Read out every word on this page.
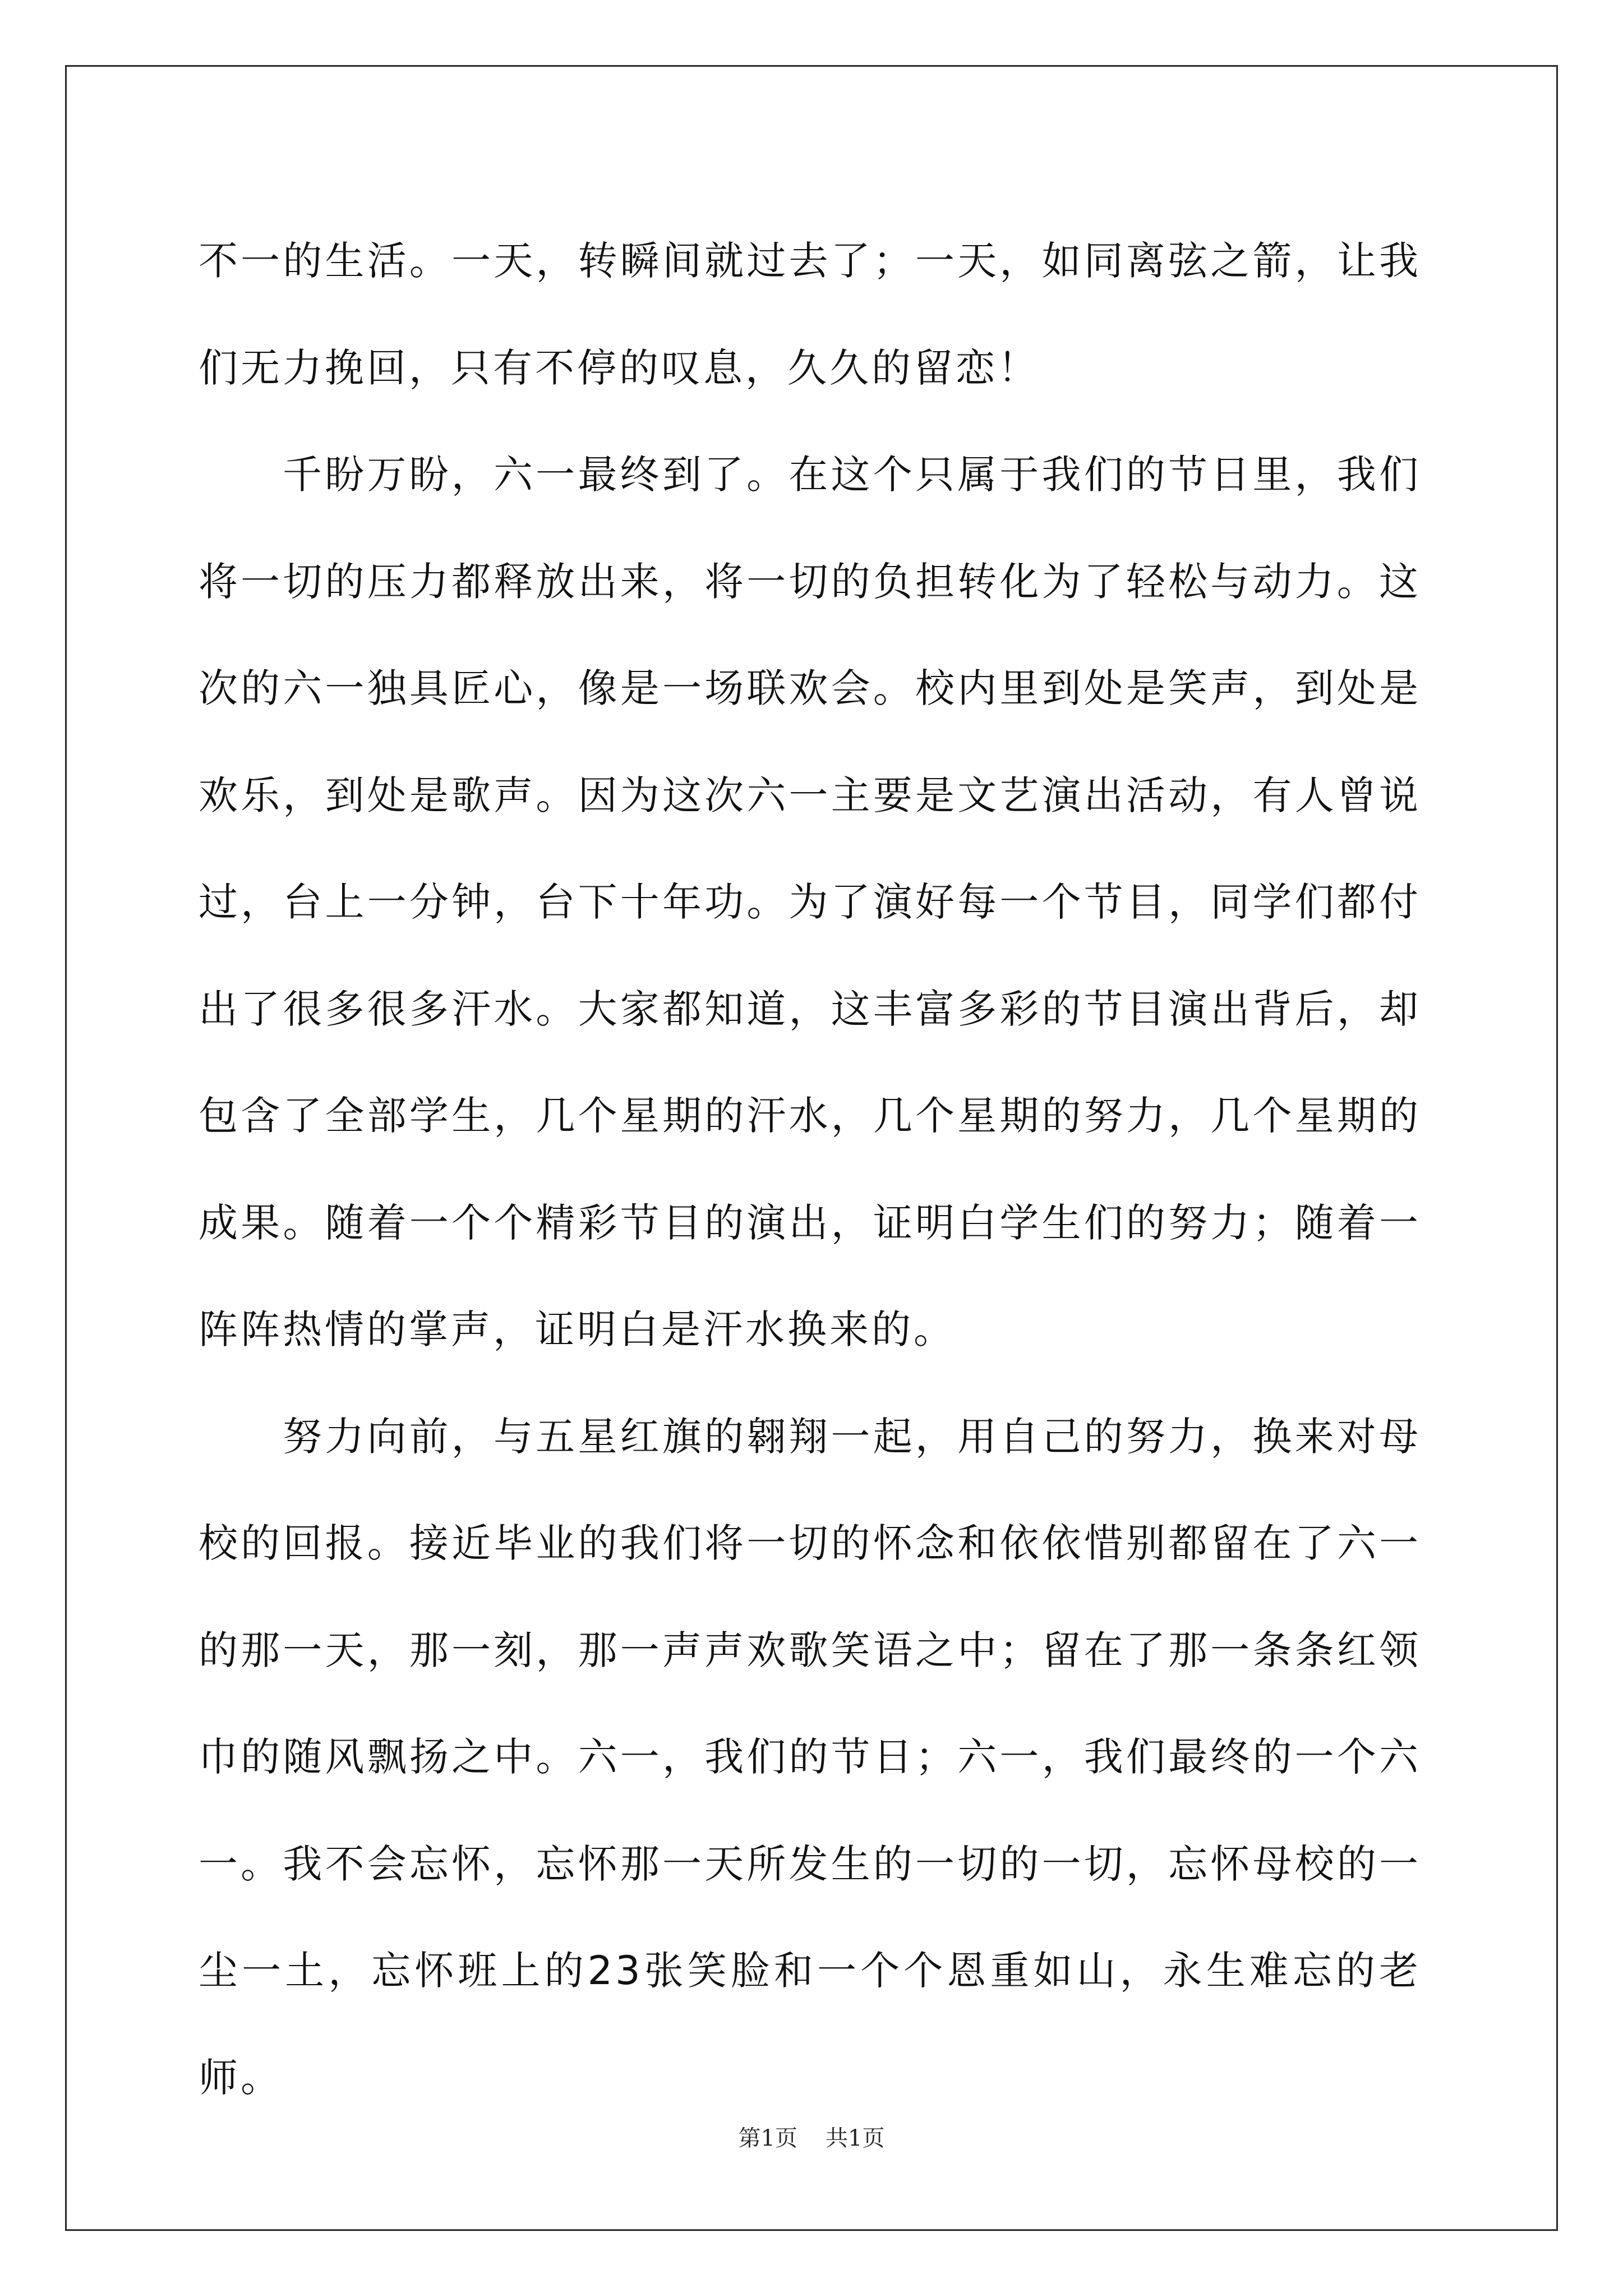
不一的生活。一天，转瞬间就过去了；一天，如同离弦之箭，让我们无力挽回，只有不停的叹息，久久的留恋！

千盼万盼，六一最终到了。在这个只属于我们的节日里，我们将一切的压力都释放出来，将一切的负担转化为了轻松与动力。这次的六一独具匠心，像是一场联欢会。校内里到处是笑声，到处是欢乐，到处是歌声。因为这次六一主要是文艺演出活动，有人曾说过，台上一分钟，台下十年功。为了演好每一个节目，同学们都付出了很多很多汗水。大家都知道，这丰富多彩的节目演出背后，却包含了全部学生，几个星期的汗水，几个星期的努力，几个星期的成果。随着一个个精彩节目的演出，证明白学生们的努力；随着一阵阵热情的掌声，证明白是汗水换来的。

努力向前，与五星红旗的翱翔一起，用自己的努力，换来对母校的回报。接近毕业的我们将一切的怀念和依依惜别都留在了六一的那一天，那一刻，那一声声欢歌笑语之中；留在了那一条条红领巾的随风飘扬之中。六一，我们的节日；六一，我们最终的一个六一。我不会忘怀，忘怀那一天所发生的一切的一切，忘怀母校的一尘一土，忘怀班上的23张笑脸和一个个恩重如山，永生难忘的老师。

第1页 共1页
